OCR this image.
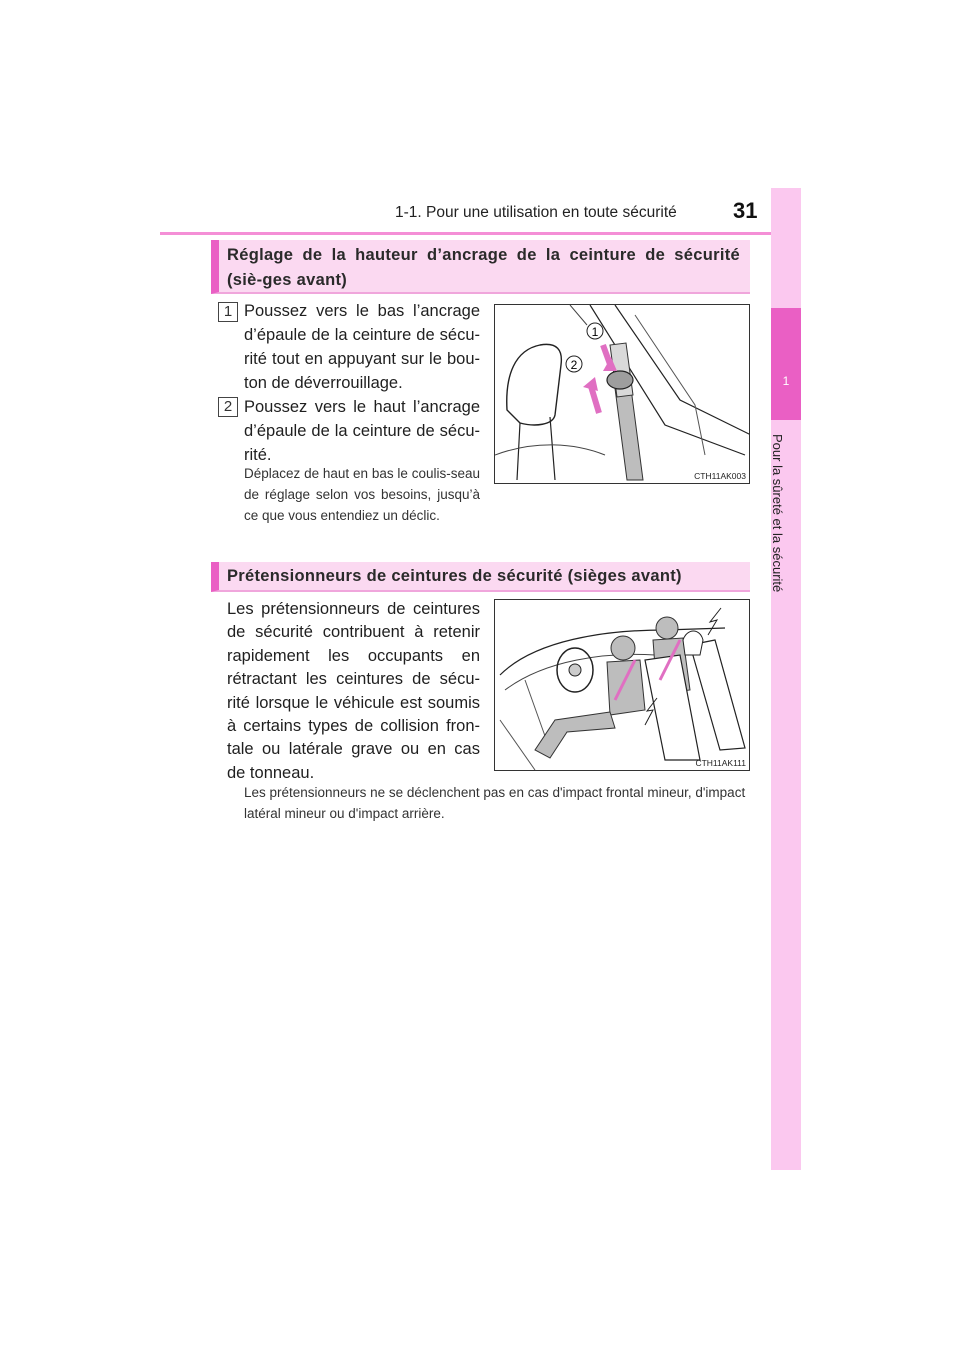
1-1. Pour une utilisation en toute sécurité	31
1
Pour la sûreté et la sécurité
Réglage de la hauteur d’ancrage de la ceinture de sécurité (siè-ges avant)
1 Poussez vers le bas l’ancrage d’épaule de la ceinture de sécu-rité tout en appuyant sur le bou-ton de déverrouillage.
2 Poussez vers le haut l’ancrage d’épaule de la ceinture de sécu-rité.
Déplacez de haut en bas le coulis-seau de réglage selon vos besoins, jusqu’à ce que vous entendiez un déclic.
1
2
CTH11AK003
Prétensionneurs de ceintures de sécurité (sièges avant)
Les prétensionneurs de ceintures de sécurité contribuent à retenir rapidement les occupants en rétractant les ceintures de sécu-rité lorsque le véhicule est soumis à certains types de collision fron-tale ou latérale grave ou en cas de tonneau.
CTH11AK111
Les prétensionneurs ne se déclenchent pas en cas d'impact frontal mineur, d'impact latéral mineur ou d'impact arrière.
